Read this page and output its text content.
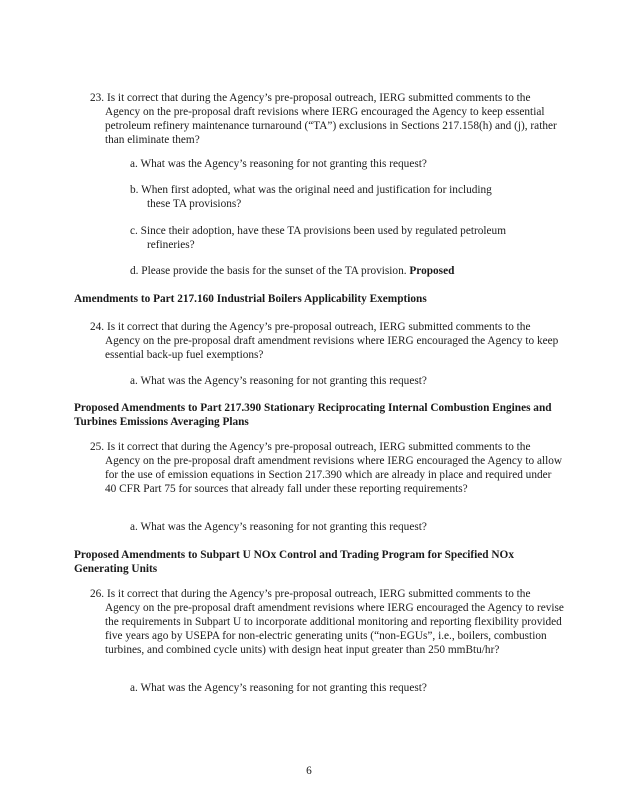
23. Is it correct that during the Agency’s pre-proposal outreach, IERG submitted comments to the Agency on the pre-proposal draft revisions where IERG encouraged the Agency to keep essential petroleum refinery maintenance turnaround (“TA”) exclusions in Sections 217.158(h) and (j), rather than eliminate them?

a. What was the Agency’s reasoning for not granting this request?

b. When first adopted, what was the original need and justification for including these TA provisions?

c. Since their adoption, have these TA provisions been used by regulated petroleum refineries?

d. Please provide the basis for the sunset of the TA provision. Proposed

Amendments to Part 217.160 Industrial Boilers Applicability Exemptions

24. Is it correct that during the Agency’s pre-proposal outreach, IERG submitted comments to the Agency on the pre-proposal draft amendment revisions where IERG encouraged the Agency to keep essential back-up fuel exemptions?

a. What was the Agency’s reasoning for not granting this request?

Proposed Amendments to Part 217.390 Stationary Reciprocating Internal Combustion Engines and Turbines Emissions Averaging Plans

25. Is it correct that during the Agency’s pre-proposal outreach, IERG submitted comments to the Agency on the pre-proposal draft amendment revisions where IERG encouraged the Agency to allow for the use of emission equations in Section 217.390 which are already in place and required under 40 CFR Part 75 for sources that already fall under these reporting requirements?

a. What was the Agency’s reasoning for not granting this request?

Proposed Amendments to Subpart U NOx Control and Trading Program for Specified NOx Generating Units

26. Is it correct that during the Agency’s pre-proposal outreach, IERG submitted comments to the Agency on the pre-proposal draft amendment revisions where IERG encouraged the Agency to revise the requirements in Subpart U to incorporate additional monitoring and reporting flexibility provided five years ago by USEPA for non-electric generating units (“non-EGUs”, i.e., boilers, combustion turbines, and combined cycle units) with design heat input greater than 250 mmBtu/hr?

a. What was the Agency’s reasoning for not granting this request?

6
